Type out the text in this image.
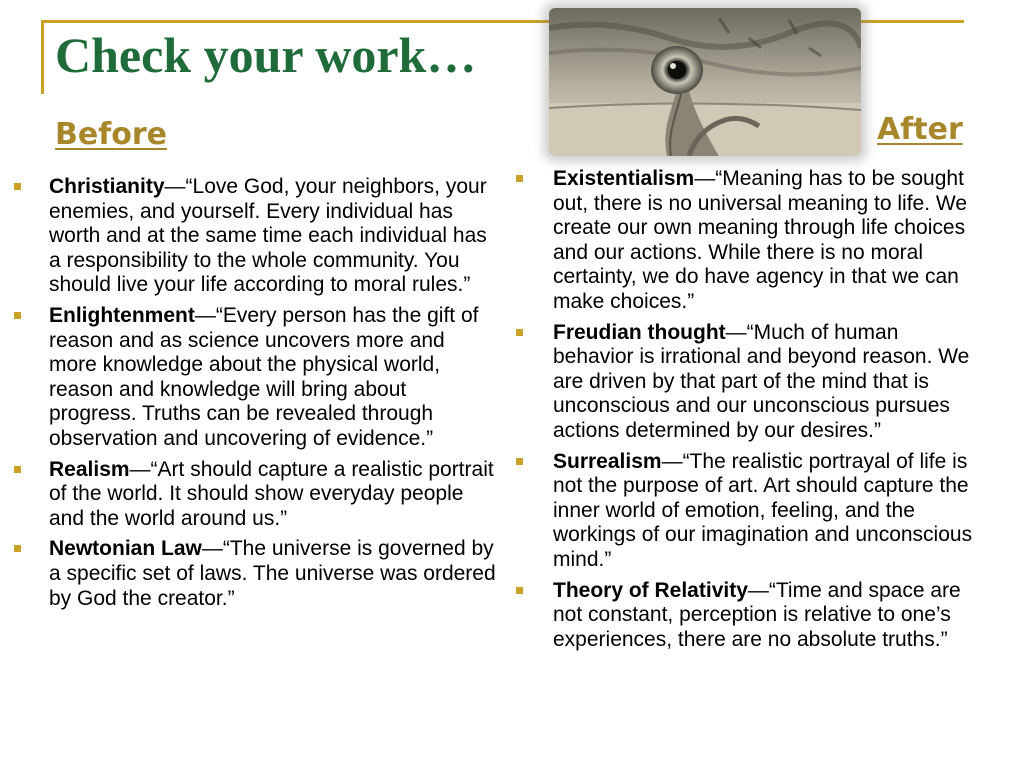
Check your work…
Before	After
Christianity—“Love God, your neighbors, your enemies, and yourself. Every individual has worth and at the same time each individual has a responsibility to the whole community. You should live your life according to moral rules.”
Enlightenment—“Every person has the gift of reason and as science uncovers more and more knowledge about the physical world, reason and knowledge will bring about progress. Truths can be revealed through observation and uncovering of evidence.”
Realism—“Art should capture a realistic portrait of the world. It should show everyday people and the world around us.”
Newtonian Law—“The universe is governed by a specific set of laws. The universe was ordered by God the creator.”
Existentialism—“Meaning has to be sought out, there is no universal meaning to life. We create our own meaning through life choices and our actions. While there is no moral certainty, we do have agency in that we can make choices.”
Freudian thought—“Much of human behavior is irrational and beyond reason. We are driven by that part of the mind that is unconscious and our unconscious pursues actions determined by our desires.”
Surrealism—“The realistic portrayal of life is not the purpose of art. Art should capture the inner world of emotion, feeling, and the workings of our imagination and unconscious mind.”
Theory of Relativity—“Time and space are not constant, perception is relative to one’s experiences, there are no absolute truths.”
